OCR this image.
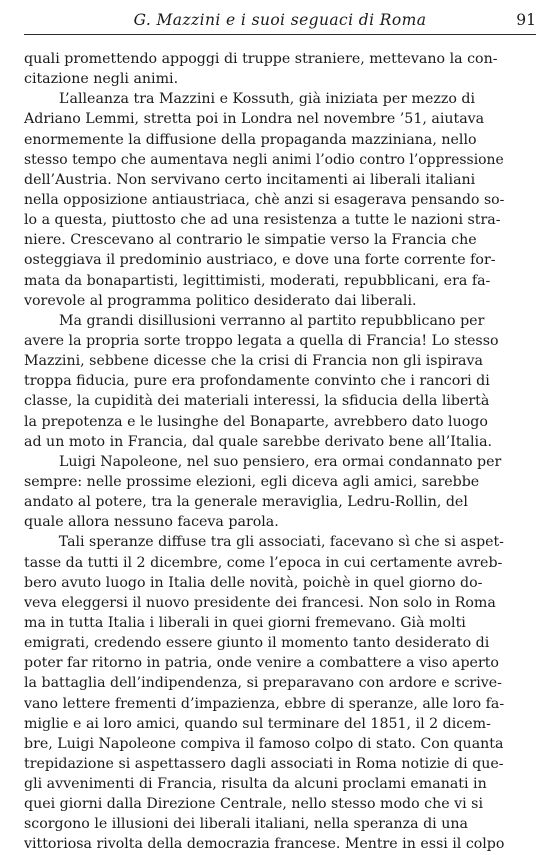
G. Mazzini e i suoi seguaci di Roma	91
quali promettendo appoggi di truppe straniere, mettevano la con-
citazione negli animi.
L’alleanza tra Mazzini e Kossuth, già iniziata per mezzo di
Adriano Lemmi, stretta poi in Londra nel novembre ’51, aiutava
enormemente la diffusione della propaganda mazziniana, nello
stesso tempo che aumentava negli animi l’odio contro l’oppressione
dell’Austria. Non servivano certo incitamenti ai liberali italiani
nella opposizione antiaustriaca, chè anzi si esagerava pensando so-
lo a questa, piuttosto che ad una resistenza a tutte le nazioni stra-
niere. Crescevano al contrario le simpatie verso la Francia che
osteggiava il predominio austriaco, e dove una forte corrente for-
mata da bonapartisti, legittimisti, moderati, repubblicani, era fa-
vorevole al programma politico desiderato dai liberali.
Ma grandi disillusioni verranno al partito repubblicano per
avere la propria sorte troppo legata a quella di Francia! Lo stesso
Mazzini, sebbene dicesse che la crisi di Francia non gli ispirava
troppa fiducia, pure era profondamente convinto che i rancori di
classe, la cupidità dei materiali interessi, la sfiducia della libertà
la prepotenza e le lusinghe del Bonaparte, avrebbero dato luogo
ad un moto in Francia, dal quale sarebbe derivato bene all’Italia.
Luigi Napoleone, nel suo pensiero, era ormai condannato per
sempre: nelle prossime elezioni, egli diceva agli amici, sarebbe
andato al potere, tra la generale meraviglia, Ledru-Rollin, del
quale allora nessuno faceva parola.
Tali speranze diffuse tra gli associati, facevano sì che si aspet-
tasse da tutti il 2 dicembre, come l’epoca in cui certamente avreb-
bero avuto luogo in Italia delle novità, poichè in quel giorno do-
veva eleggersi il nuovo presidente dei francesi. Non solo in Roma
ma in tutta Italia i liberali in quei giorni fremevano. Già molti
emigrati, credendo essere giunto il momento tanto desiderato di
poter far ritorno in patria, onde venire a combattere a viso aperto
la battaglia dell’indipendenza, si preparavano con ardore e scrive-
vano lettere frementi d’impazienza, ebbre di speranze, alle loro fa-
miglie e ai loro amici, quando sul terminare del 1851, il 2 dicem-
bre, Luigi Napoleone compiva il famoso colpo di stato. Con quanta
trepidazione si aspettassero dagli associati in Roma notizie di que-
gli avvenimenti di Francia, risulta da alcuni proclami emanati in
quei giorni dalla Direzione Centrale, nello stesso modo che vi si
scorgono le illusioni dei liberali italiani, nella speranza di una
vittoriosa rivolta della democrazia francese. Mentre in essi il colpo
